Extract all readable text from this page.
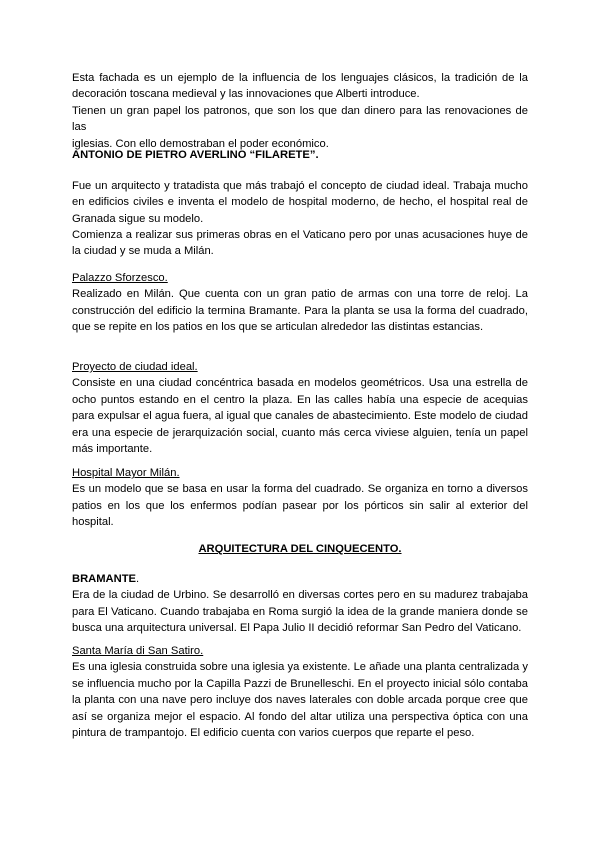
Esta fachada es un ejemplo de la influencia de los lenguajes clásicos, la tradición de la
decoración toscana medieval y las innovaciones que Alberti introduce.
Tienen un gran papel los patronos, que son los que dan dinero para las renovaciones de las
iglesias. Con ello demostraban el poder económico.
ANTONIO DE PIETRO AVERLINO “FILARETE”.
Fue un arquitecto y tratadista que más trabajó el concepto de ciudad ideal. Trabaja mucho
en edificios civiles e inventa el modelo de hospital moderno, de hecho, el hospital real de
Granada sigue su modelo.
Comienza a realizar sus primeras obras en el Vaticano pero por unas acusaciones huye de
la ciudad y se muda a Milán.
Palazzo Sforzesco.
Realizado en Milán. Que cuenta con un gran patio de armas con una torre de reloj. La
construcción del edificio la termina Bramante. Para la planta se usa la forma del cuadrado,
que se repite en los patios en los que se articulan alrededor las distintas estancias.
Proyecto de ciudad ideal.
Consiste en una ciudad concéntrica basada en modelos geométricos. Usa una estrella de
ocho puntos estando en el centro la plaza. En las calles había una especie de acequias
para expulsar el agua fuera, al igual que canales de abastecimiento. Este modelo de ciudad
era una especie de jerarquización social, cuanto más cerca viviese alguien, tenía un papel
más importante.
Hospital Mayor Milán.
Es un modelo que se basa en usar la forma del cuadrado. Se organiza en torno a diversos
patios en los que los enfermos podían pasear por los pórticos sin salir al exterior del
hospital.
ARQUITECTURA DEL CINQUECENTO.
BRAMANTE.
Era de la ciudad de Urbino. Se desarrolló en diversas cortes pero en su madurez trabajaba
para El Vaticano. Cuando trabajaba en Roma surgió la idea de la grande maniera donde se
busca una arquitectura universal. El Papa Julio II decidió reformar San Pedro del Vaticano.
Santa María di San Satiro.
Es una iglesia construida sobre una iglesia ya existente. Le añade una planta centralizada y
se influencia mucho por la Capilla Pazzi de Brunelleschi. En el proyecto inicial sólo contaba
la planta con una nave pero incluye dos naves laterales con doble arcada porque cree que
así se organiza mejor el espacio. Al fondo del altar utiliza una perspectiva óptica con una
pintura de trampantojo. El edificio cuenta con varios cuerpos que reparte el peso.
